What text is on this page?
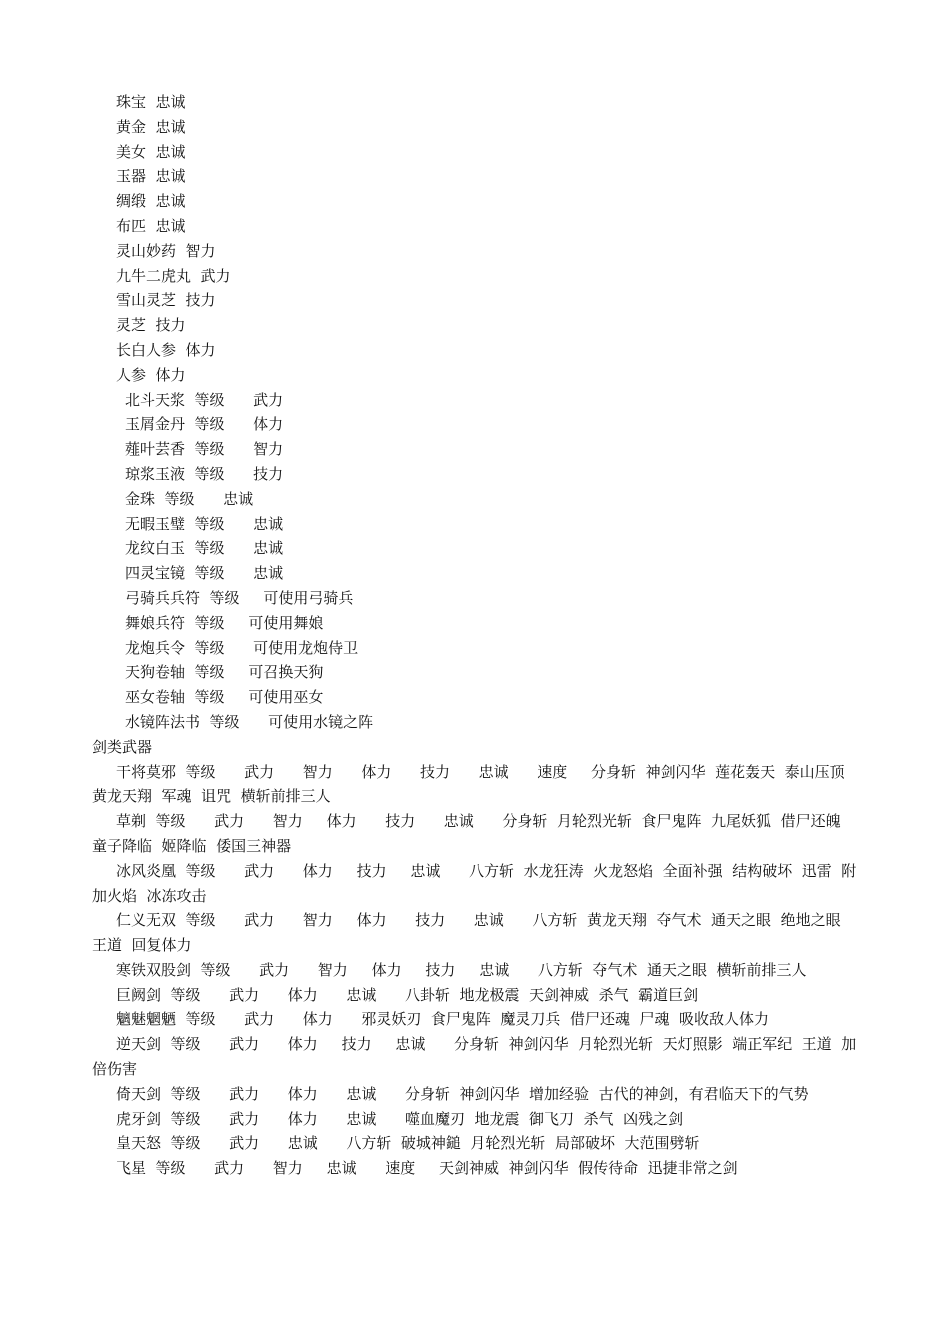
珠宝  忠诚
黄金  忠诚
美女  忠诚
玉器  忠诚
绸缎  忠诚
布匹  忠诚
灵山妙药  智力
九牛二虎丸  武力
雪山灵芝  技力
灵芝  技力
长白人参  体力
人参  体力
北斗天浆  等级      武力
玉屑金丹  等级      体力
薤叶芸香  等级      智力
琼浆玉液  等级      技力
金珠  等级      忠诚
无暇玉璧  等级      忠诚
龙纹白玉  等级      忠诚
四灵宝镜  等级      忠诚
弓骑兵兵符  等级     可使用弓骑兵
舞娘兵符  等级     可使用舞娘
龙炮兵令  等级      可使用龙炮侍卫
天狗卷轴  等级     可召换天狗
巫女卷轴  等级     可使用巫女
水镜阵法书  等级      可使用水镜之阵
剑类武器

干将莫邪  等级      武力      智力      体力      技力      忠诚      速度     分身斩  神剑闪华  莲花轰天  泰山压顶  黄龙天翔  军魂  诅咒  横斩前排三人

草剃  等级      武力      智力     体力      技力      忠诚      分身斩  月轮烈光斩  食尸鬼阵  九尾妖狐  借尸还魄  童子降临  姬降临  倭国三神器

冰风炎凰  等级      武力      体力     技力     忠诚      八方斩  水龙狂涛  火龙怒焰  全面补强  结构破坏  迅雷  附加火焰  冰冻攻击

仁义无双  等级      武力      智力     体力      技力      忠诚      八方斩  黄龙天翔  夺气术  通天之眼  绝地之眼  王道  回复体力

寒铁双股剑  等级      武力      智力     体力     技力     忠诚      八方斩  夺气术  通天之眼  横斩前排三人

巨阙剑  等级      武力      体力      忠诚      八卦斩  地龙极震  天剑神威  杀气  霸道巨剑

魑魅魍魉  等级      武力      体力      邪灵妖刃  食尸鬼阵  魔灵刀兵  借尸还魂  尸魂  吸收敌人体力

逆天剑  等级      武力      体力     技力     忠诚      分身斩  神剑闪华  月轮烈光斩  天灯照影  端正军纪  王道  加倍伤害

倚天剑  等级      武力      体力      忠诚      分身斩  神剑闪华  增加经验  古代的神剑，有君临天下的气势

虎牙剑  等级      武力      体力      忠诚      噬血魔刃  地龙震  御飞刀  杀气  凶残之剑

皇天怒  等级      武力      忠诚      八方斩  破城神鎚  月轮烈光斩  局部破坏  大范围劈斩

飞星  等级      武力      智力     忠诚      速度     天剑神威  神剑闪华  假传待命  迅捷非常之剑
